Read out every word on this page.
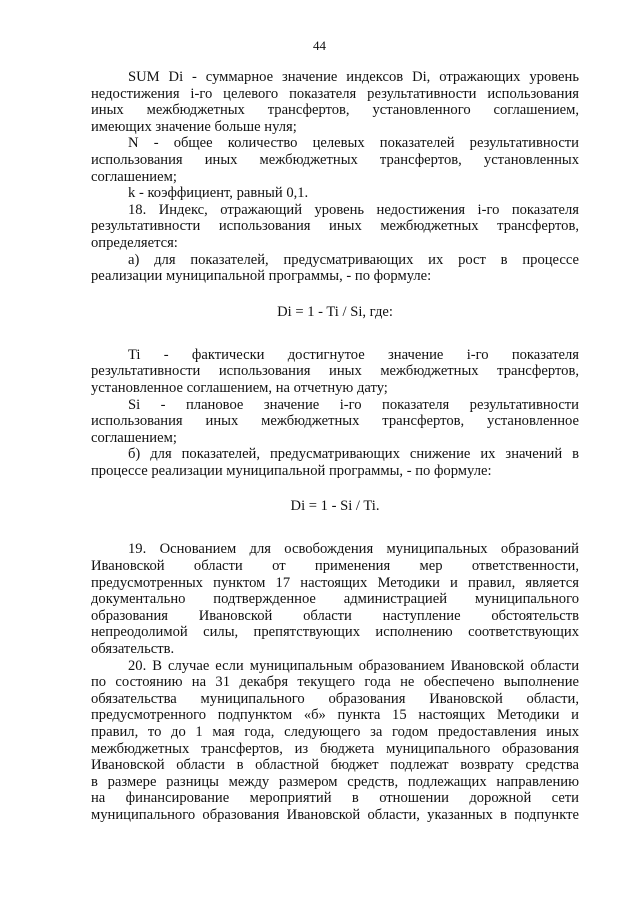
44
SUM Di - суммарное значение индексов Di, отражающих уровень
недостижения i-го целевого показателя результативности использования
иных межбюджетных трансфертов, установленного соглашением,
имеющих значение больше нуля;
N - общее количество целевых показателей результативности
использования иных межбюджетных трансфертов, установленных
соглашением;
k - коэффициент, равный 0,1.
18. Индекс, отражающий уровень недостижения i-го показателя
результативности использования иных межбюджетных трансфертов,
определяется:
а) для показателей, предусматривающих их рост в процессе
реализации муниципальной программы, - по формуле:
Di = 1 - Ti / Si, где:
Ti - фактически достигнутое значение i-го показателя
результативности использования иных межбюджетных трансфертов,
установленное соглашением, на отчетную дату;
Si - плановое значение i-го показателя результативности
использования иных межбюджетных трансфертов, установленное
соглашением;
б) для показателей, предусматривающих снижение их значений в
процессе реализации муниципальной программы, - по формуле:
Di = 1 - Si / Ti.
19. Основанием для освобождения муниципальных образований
Ивановской области от применения мер ответственности,
предусмотренных пунктом 17 настоящих Методики и правил, является
документально подтвержденное администрацией муниципального
образования Ивановской области наступление обстоятельств
непреодолимой силы, препятствующих исполнению соответствующих
обязательств.
20. В случае если муниципальным образованием Ивановской области
по состоянию на 31 декабря текущего года не обеспечено выполнение
обязательства муниципального образования Ивановской области,
предусмотренного подпунктом «б» пункта 15 настоящих Методики и
правил, то до 1 мая года, следующего за годом предоставления иных
межбюджетных трансфертов, из бюджета муниципального образования
Ивановской области в областной бюджет подлежат возврату средства
в размере разницы между размером средств, подлежащих направлению
на финансирование мероприятий в отношении дорожной сети
муниципального образования Ивановской области, указанных в подпункте
